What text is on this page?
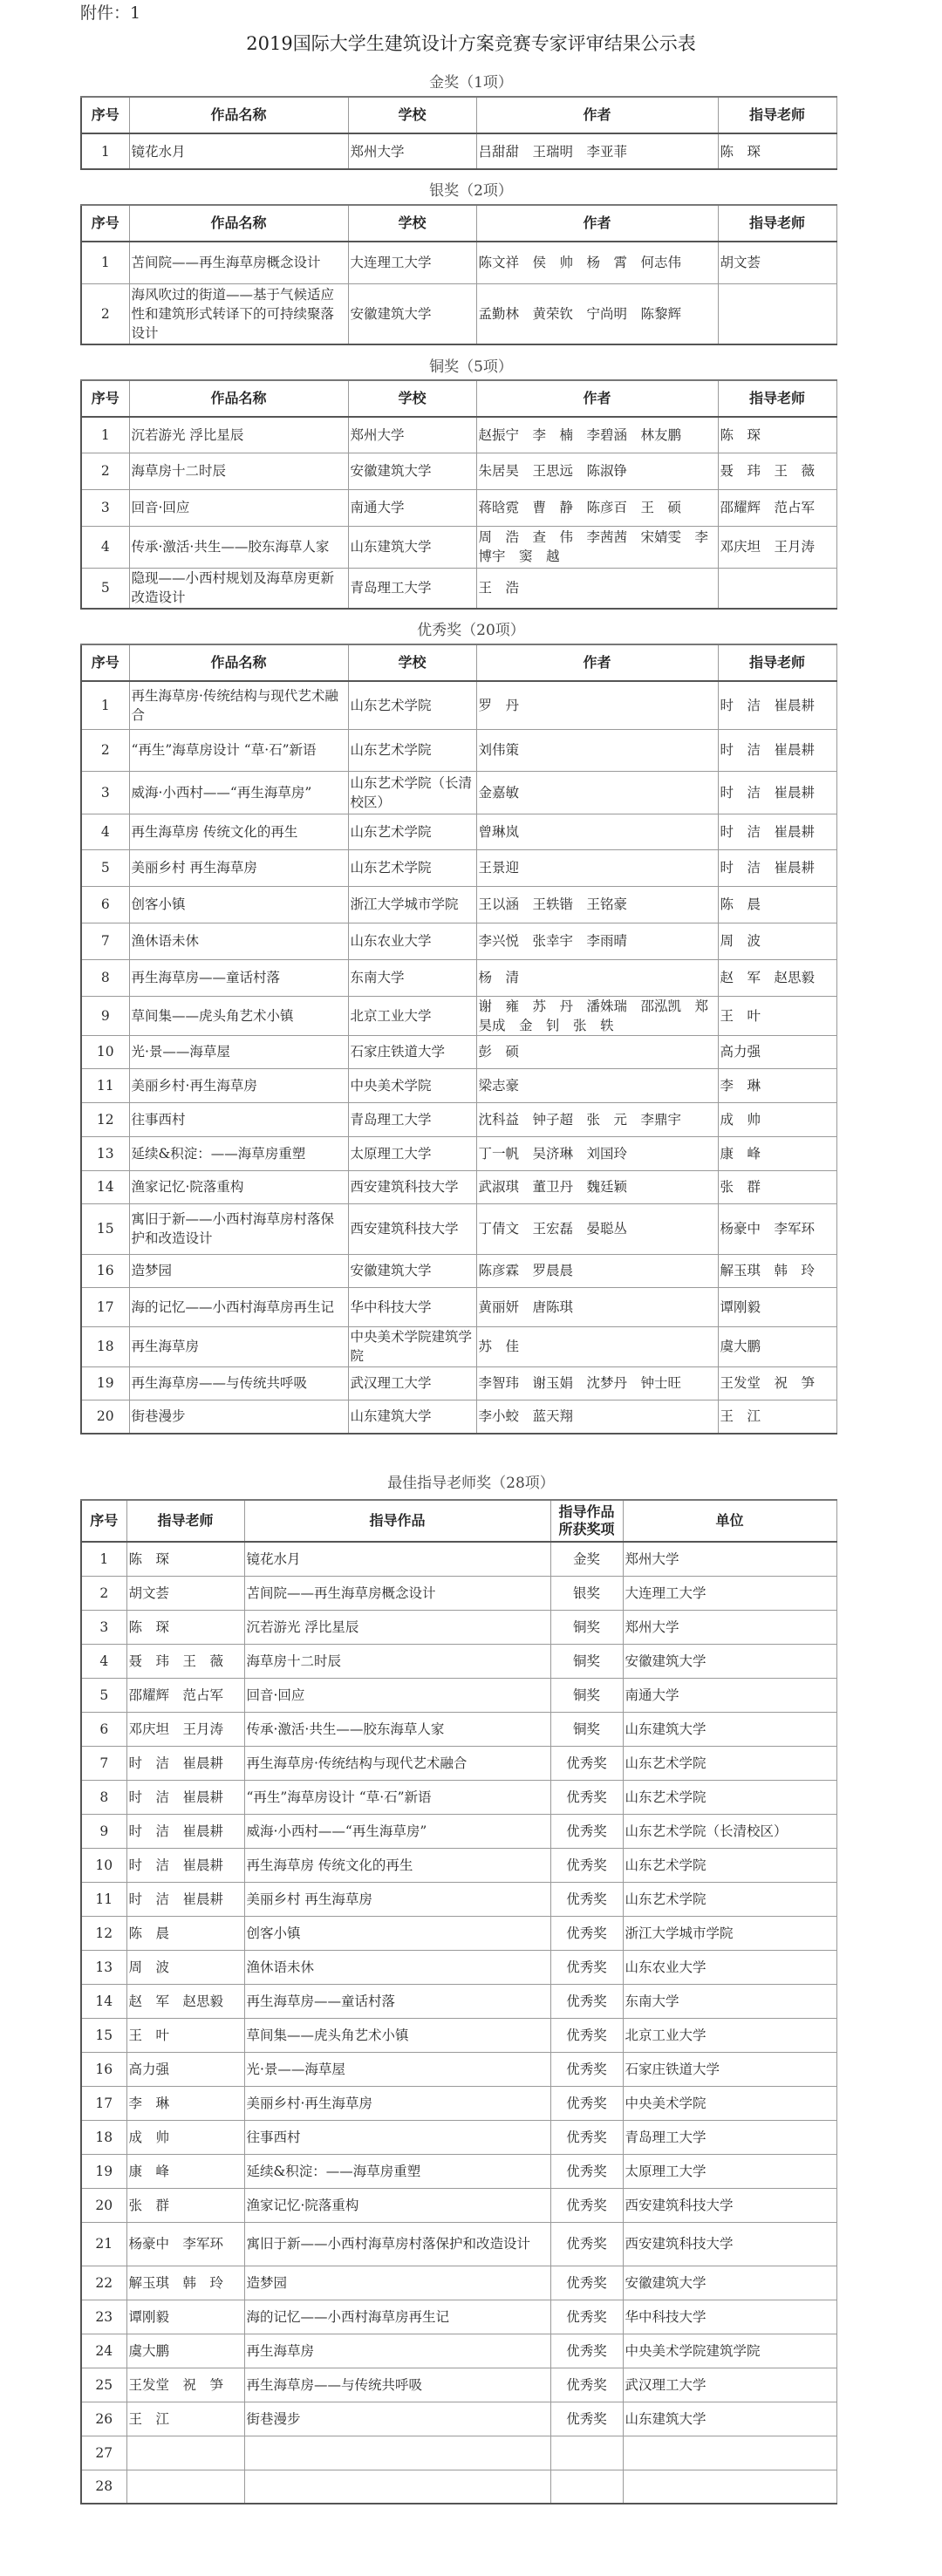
附件：1
2019国际大学生建筑设计方案竞赛专家评审结果公示表
金奖（1项）
序号	作品名称	学校	作者	指导老师
1	镜花水月	郑州大学	吕甜甜　王瑞明　李亚菲	陈　琛
银奖（2项）
序号	作品名称	学校	作者	指导老师
1	苫间院——再生海草房概念设计	大连理工大学	陈文祥　侯　帅　杨　霄　何志伟	胡文荟
2	海风吹过的街道——基于气候适应性和建筑形式转译下的可持续聚落设计	安徽建筑大学	孟勤林　黄荣钦　宁尚明　陈黎辉	
铜奖（5项）
序号	作品名称	学校	作者	指导老师
1	沉若游光 浮比星辰	郑州大学	赵振宁　李　楠　李碧涵　林友鹏	陈　琛
2	海草房十二时辰	安徽建筑大学	朱居昊　王思远　陈淑铮	聂　玮　王　薇
3	回音·回应	南通大学	蒋晗霓　曹　静　陈彦百　王　硕	邵耀辉　范占军
4	传承·激活·共生——胶东海草人家	山东建筑大学	周　浩　查　伟　李茜茜　宋婧雯　李博宇　窦　越	邓庆坦　王月涛
5	隐现——小西村规划及海草房更新改造设计	青岛理工大学	王　浩	
优秀奖（20项）
序号	作品名称	学校	作者	指导老师
1	再生海草房·传统结构与现代艺术融合	山东艺术学院	罗　丹	时　洁　崔晨耕
2	“再生”海草房设计 “草·石”新语	山东艺术学院	刘伟策	时　洁　崔晨耕
3	威海·小西村——“再生海草房”	山东艺术学院（长清校区）	金嘉敏	时　洁　崔晨耕
4	再生海草房 传统文化的再生	山东艺术学院	曾琳岚	时　洁　崔晨耕
5	美丽乡村 再生海草房	山东艺术学院	王景迎	时　洁　崔晨耕
6	创客小镇	浙江大学城市学院	王以涵　王轶锴　王铭豪	陈　晨
7	渔休语未休	山东农业大学	李兴悦　张幸宇　李雨晴	周　波
8	再生海草房——童话村落	东南大学	杨　清	赵　军　赵思毅
9	草间集——虎头角艺术小镇	北京工业大学	谢　雍　苏　丹　潘姝瑞　邵泓凯　郑昊成　金　钊　张　轶	王　叶
10	光·景——海草屋	石家庄铁道大学	彭　硕	高力强
11	美丽乡村·再生海草房	中央美术学院	梁志豪	李　琳
12	往事西村	青岛理工大学	沈科益　钟子超　张　元　李鼎宇	成　帅
13	延续&积淀：——海草房重塑	太原理工大学	丁一帆　吴济琳　刘国玲	康　峰
14	渔家记忆·院落重构	西安建筑科技大学	武淑琪　董卫丹　魏廷颖	张　群
15	寓旧于新——小西村海草房村落保护和改造设计	西安建筑科技大学	丁倩文　王宏磊　晏聪丛	杨豪中　李军环
16	造梦园	安徽建筑大学	陈彦霖　罗晨晨	解玉琪　韩　玲
17	海的记忆——小西村海草房再生记	华中科技大学	黄丽妍　唐陈琪	谭刚毅
18	再生海草房	中央美术学院建筑学院	苏　佳	虞大鹏
19	再生海草房——与传统共呼吸	武汉理工大学	李智玮　谢玉娟　沈梦丹　钟士旺	王发堂　祝　笋
20	街巷漫步	山东建筑大学	李小蛟　蓝天翔	王　江
最佳指导老师奖（28项）
序号	指导老师	指导作品	指导作品所获奖项	单位
1	陈　琛	镜花水月	金奖	郑州大学
2	胡文荟	苫间院——再生海草房概念设计	银奖	大连理工大学
3	陈　琛	沉若游光 浮比星辰	铜奖	郑州大学
4	聂　玮　王　薇	海草房十二时辰	铜奖	安徽建筑大学
5	邵耀辉　范占军	回音·回应	铜奖	南通大学
6	邓庆坦　王月涛	传承·激活·共生——胶东海草人家	铜奖	山东建筑大学
7	时　洁　崔晨耕	再生海草房·传统结构与现代艺术融合	优秀奖	山东艺术学院
8	时　洁　崔晨耕	“再生”海草房设计 “草·石”新语	优秀奖	山东艺术学院
9	时　洁　崔晨耕	威海·小西村——“再生海草房”	优秀奖	山东艺术学院（长清校区）
10	时　洁　崔晨耕	再生海草房 传统文化的再生	优秀奖	山东艺术学院
11	时　洁　崔晨耕	美丽乡村 再生海草房	优秀奖	山东艺术学院
12	陈　晨	创客小镇	优秀奖	浙江大学城市学院
13	周　波	渔休语未休	优秀奖	山东农业大学
14	赵　军　赵思毅	再生海草房——童话村落	优秀奖	东南大学
15	王　叶	草间集——虎头角艺术小镇	优秀奖	北京工业大学
16	高力强	光·景——海草屋	优秀奖	石家庄铁道大学
17	李　琳	美丽乡村·再生海草房	优秀奖	中央美术学院
18	成　帅	往事西村	优秀奖	青岛理工大学
19	康　峰	延续&积淀：——海草房重塑	优秀奖	太原理工大学
20	张　群	渔家记忆·院落重构	优秀奖	西安建筑科技大学
21	杨豪中　李军环	寓旧于新——小西村海草房村落保护和改造设计	优秀奖	西安建筑科技大学
22	解玉琪　韩　玲	造梦园	优秀奖	安徽建筑大学
23	谭刚毅	海的记忆——小西村海草房再生记	优秀奖	华中科技大学
24	虞大鹏	再生海草房	优秀奖	中央美术学院建筑学院
25	王发堂　祝　笋	再生海草房——与传统共呼吸	优秀奖	武汉理工大学
26	王　江	街巷漫步	优秀奖	山东建筑大学
27				
28				
